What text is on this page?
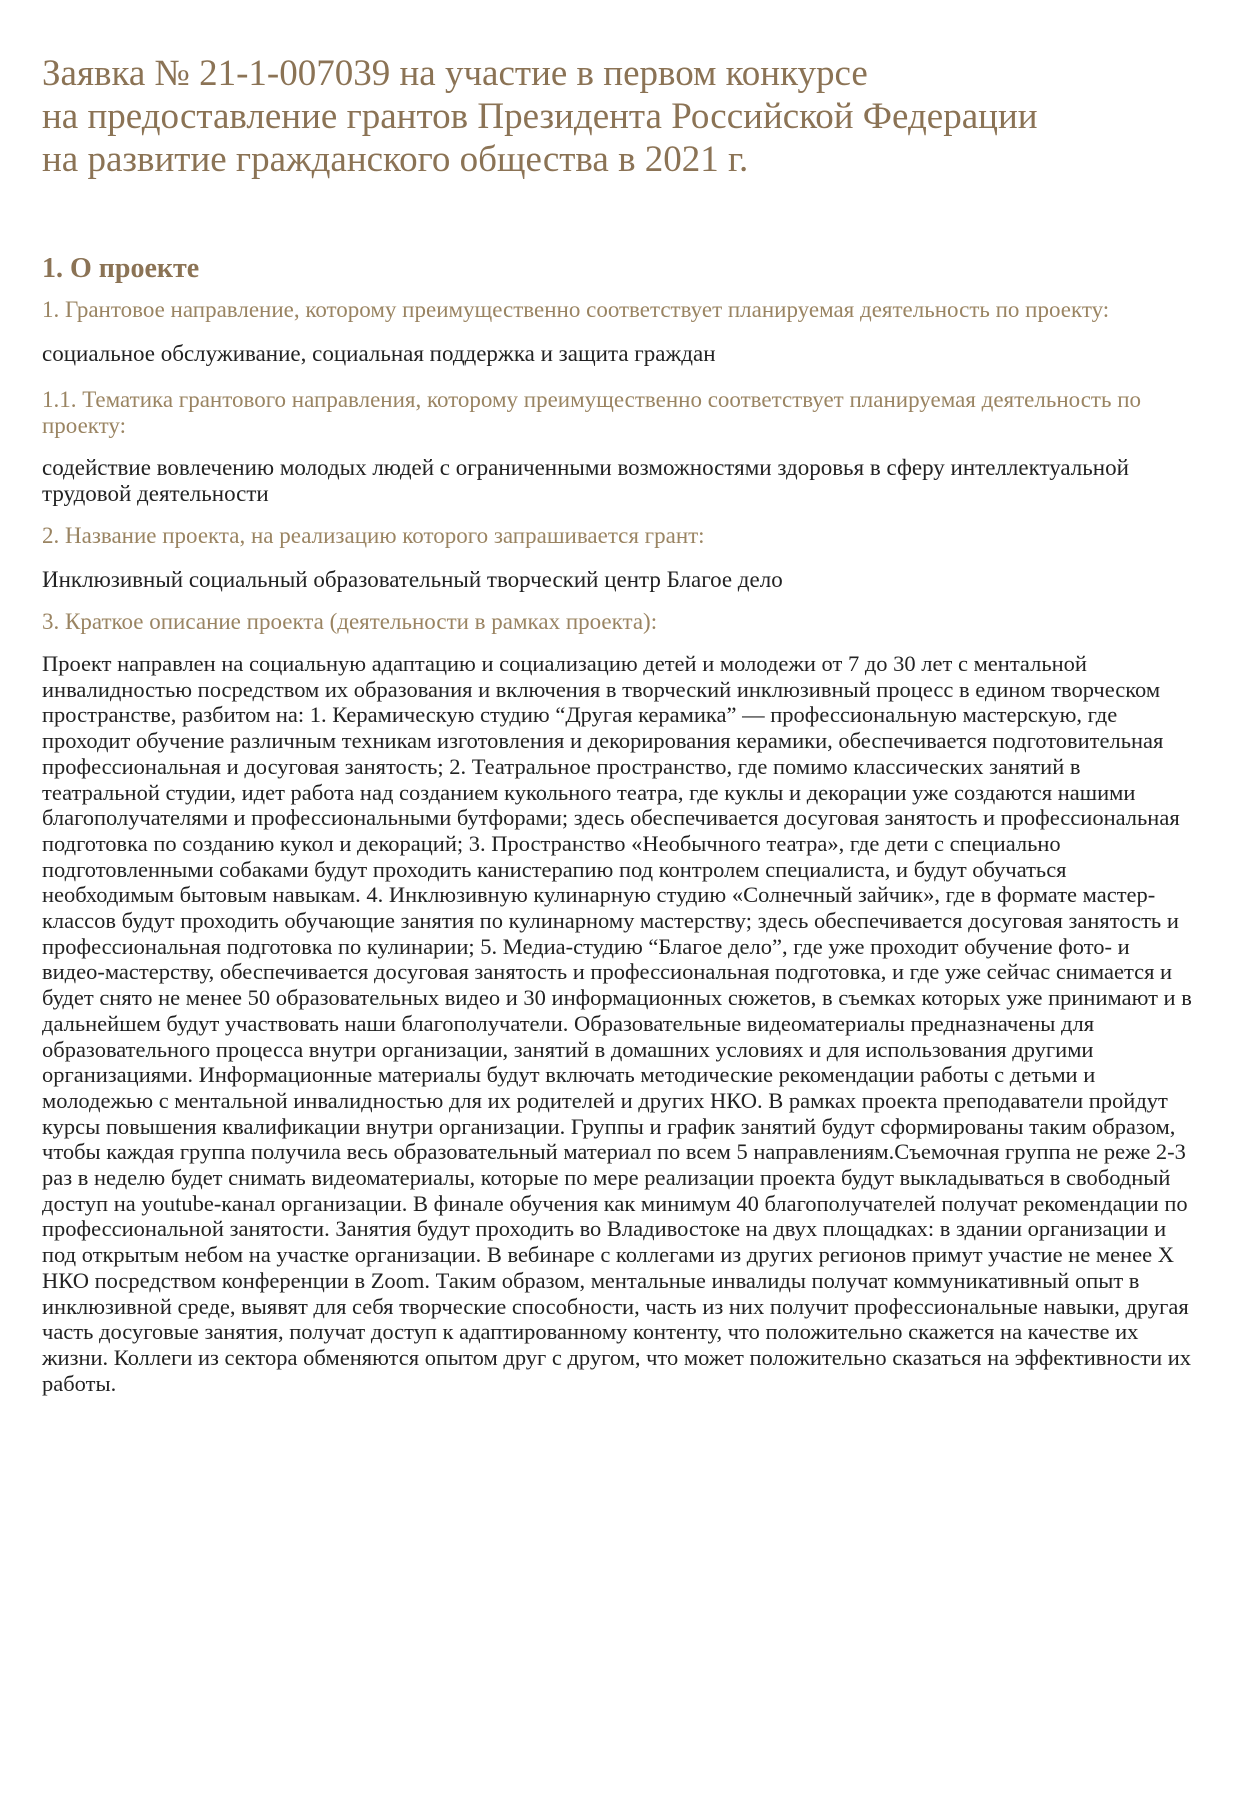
Заявка № 21-1-007039 на участие в первом конкурсе
на предоставление грантов Президента Российской Федерации
на развитие гражданского общества в 2021 г.
1. О проекте

1. Грантовое направление, которому преимущественно соответствует планируемая деятельность по проекту:

социальное обслуживание, социальная поддержка и защита граждан

1.1. Тематика грантового направления, которому преимущественно соответствует планируемая деятельность по проекту:

содействие вовлечению молодых людей с ограниченными возможностями здоровья в сферу интеллектуальной трудовой деятельности

2. Название проекта, на реализацию которого запрашивается грант:

Инклюзивный социальный образовательный творческий центр Благое дело

3. Краткое описание проекта (деятельности в рамках проекта):

Проект направлен на социальную адаптацию и социализацию детей и молодежи от 7 до 30 лет с ментальной инвалидностью посредством их образования и включения в творческий инклюзивный процесс в едином творческом пространстве, разбитом на: 1. Керамическую студию “Другая керамика” — профессиональную мастерскую, где проходит обучение различным техникам изготовления и декорирования керамики, обеспечивается подготовительная профессиональная и досуговая занятость; 2. Театральное пространство, где помимо классических занятий в театральной студии, идет работа над созданием кукольного театра, где куклы и декорации уже создаются нашими благополучателями и профессиональными бутфорами; здесь обеспечивается досуговая занятость и профессиональная подготовка по созданию кукол и декораций; 3. Пространство «Необычного театра», где дети с специально подготовленными собаками будут проходить канистерапию под контролем специалиста, и будут обучаться необходимым бытовым навыкам. 4. Инклюзивную кулинарную студию «Солнечный зайчик», где в формате мастер-классов будут проходить обучающие занятия по кулинарному мастерству; здесь обеспечивается досуговая занятость и профессиональная подготовка по кулинарии; 5. Медиа-студию “Благое дело”, где уже проходит обучение фото- и видео-мастерству, обеспечивается досуговая занятость и профессиональная подготовка, и где уже сейчас снимается и будет снято не менее 50 образовательных видео и 30 информационных сюжетов, в съемках которых уже принимают и в дальнейшем будут участвовать наши благополучатели. Образовательные видеоматериалы предназначены для образовательного процесса внутри организации, занятий в домашних условиях и для использования другими организациями. Информационные материалы будут включать методические рекомендации работы с детьми и молодежью с ментальной инвалидностью для их родителей и других НКО. В рамках проекта преподаватели пройдут курсы повышения квалификации внутри организации. Группы и график занятий будут сформированы таким образом, чтобы каждая группа получила весь образовательный материал по всем 5 направлениям.Съемочная группа не реже 2-3 раз в неделю будет снимать видеоматериалы, которые по мере реализации проекта будут выкладываться в свободный доступ на youtube-канал организации. В финале обучения как минимум 40 благополучателей получат рекомендации по профессиональной занятости. Занятия будут проходить во Владивостоке на двух площадках: в здании организации и под открытым небом на участке организации. В вебинаре с коллегами из других регионов примут участие не менее Х НКО посредством конференции в Zoom. Таким образом, ментальные инвалиды получат коммуникативный опыт в инклюзивной среде, выявят для себя творческие способности, часть из них получит профессиональные навыки, другая часть досуговые занятия, получат доступ к адаптированному контенту, что положительно скажется на качестве их жизни. Коллеги из сектора обменяются опытом друг с другом, что может положительно сказаться на эффективности их работы.
